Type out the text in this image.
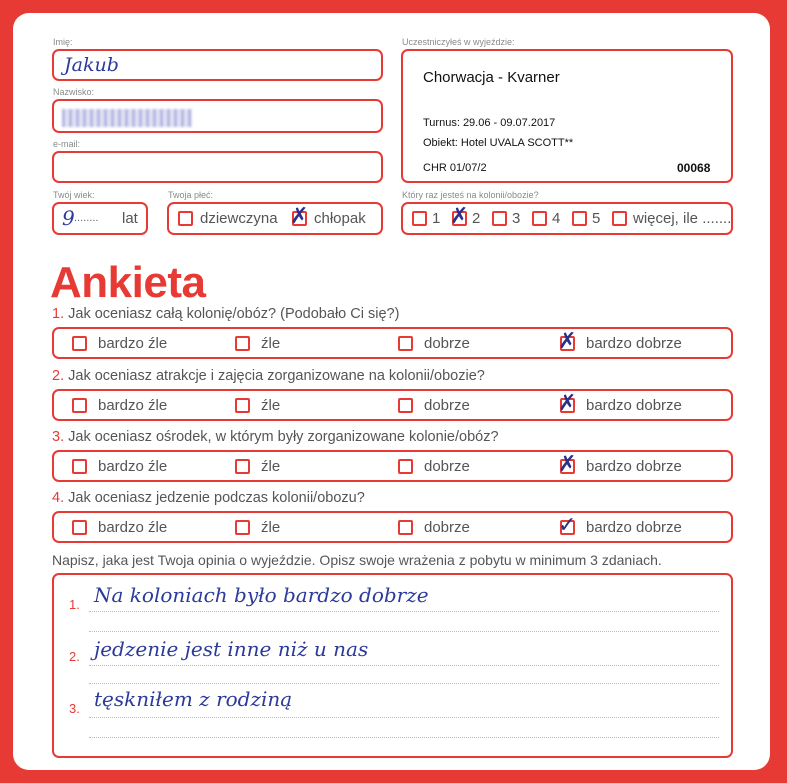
Imię:
Jakub
Nazwisko:
e-mail:
Twój wiek:
9 ........ lat
Twoja płeć:
dziewczyna ✗ chłopak
Uczestniczyłeś w wyjeździe:
Chorwacja - Kvarner
Turnus: 29.06 - 09.07.2017
Obiekt: Hotel UVALA SCOTT**
CHR 01/07/2	00068
Który raz jesteś na kolonii/obozie?
1 ✗ 2 3 4 5 więcej, ile .......
Ankieta
1. Jak oceniasz całą kolonię/obóz? (Podobało Ci się?)
bardzo źle	źle	dobrze	✗ bardzo dobrze
2. Jak oceniasz atrakcje i zajęcia zorganizowane na kolonii/obozie?
bardzo źle	źle	dobrze	✗ bardzo dobrze
3. Jak oceniasz ośrodek, w którym były zorganizowane kolonie/obóz?
bardzo źle	źle	dobrze	✗ bardzo dobrze
4. Jak oceniasz jedzenie podczas kolonii/obozu?
bardzo źle	źle	dobrze	✓ bardzo dobrze
Napisz, jaka jest Twoja opinia o wyjeździe. Opisz swoje wrażenia z pobytu w minimum 3 zdaniach.
1. Na koloniach było bardzo dobrze
2. jedzenie jest inne niż u nas
3. tęskniłem z rodziną
